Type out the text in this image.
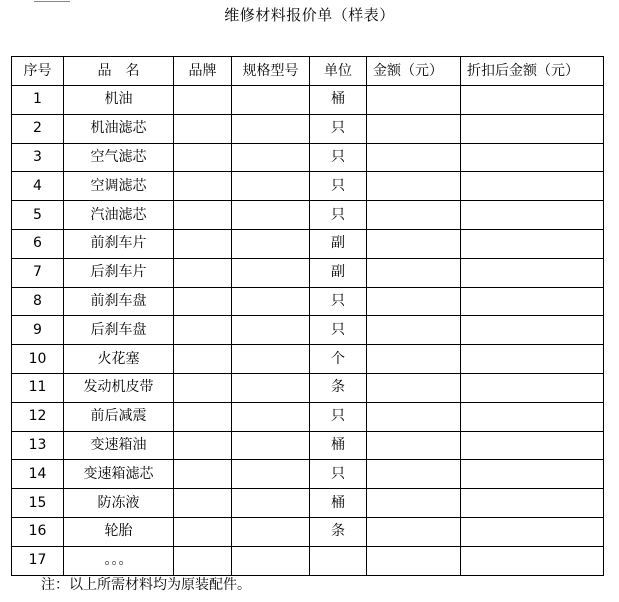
维修材料报价单（样表）
序号	品　名	品牌	规格型号	单位	金额（元）	折扣后金额（元）
1	机油			桶		
2	机油滤芯			只		
3	空气滤芯			只		
4	空调滤芯			只		
5	汽油滤芯			只		
6	前刹车片			副		
7	后刹车片			副		
8	前刹车盘			只		
9	后刹车盘			只		
10	火花塞			个		
11	发动机皮带			条		
12	前后减震			只		
13	变速箱油			桶		
14	变速箱滤芯			只		
15	防冻液			桶		
16	轮胎			条		
17	。。。					
注：以上所需材料均为原装配件。
